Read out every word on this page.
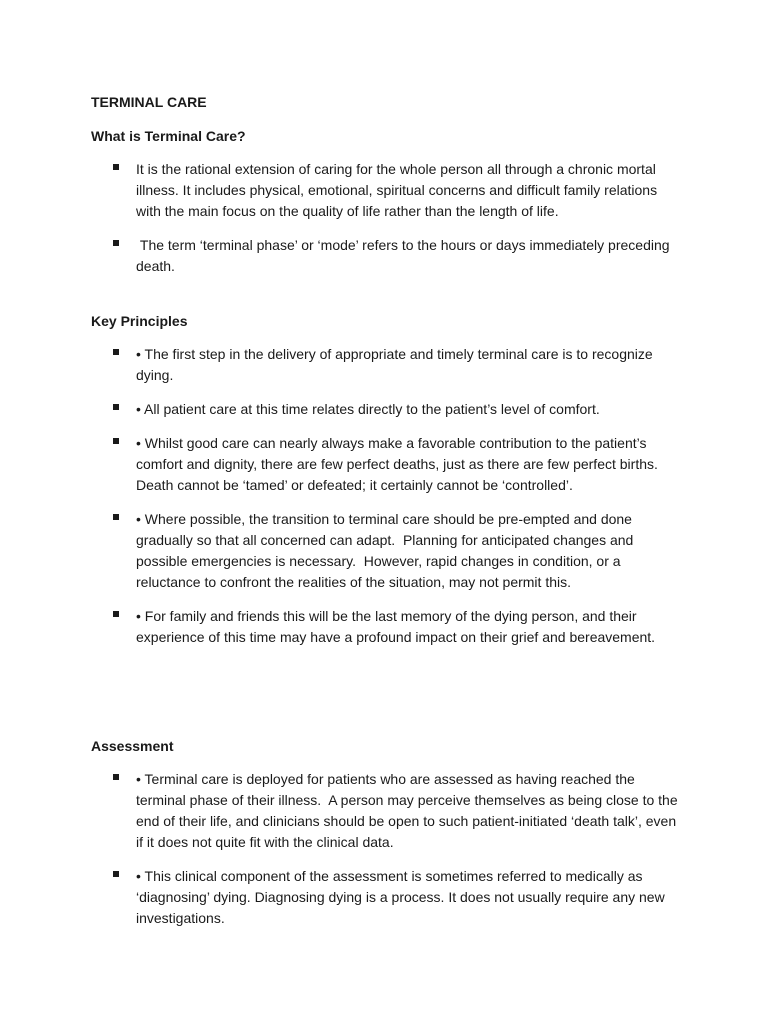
TERMINAL CARE
What is Terminal Care?
It is the rational extension of caring for the whole person all through a chronic mortal illness. It includes physical, emotional, spiritual concerns and difficult family relations with the main focus on the quality of life rather than the length of life.
The term ‘terminal phase’ or ‘mode’ refers to the hours or days immediately preceding death.
Key Principles
• The first step in the delivery of appropriate and timely terminal care is to recognize dying.
• All patient care at this time relates directly to the patient’s level of comfort.
• Whilst good care can nearly always make a favorable contribution to the patient’s comfort and dignity, there are few perfect deaths, just as there are few perfect births.  Death cannot be ‘tamed’ or defeated; it certainly cannot be ‘controlled’.
• Where possible, the transition to terminal care should be pre-empted and done gradually so that all concerned can adapt.  Planning for anticipated changes and possible emergencies is necessary.  However, rapid changes in condition, or a reluctance to confront the realities of the situation, may not permit this.
• For family and friends this will be the last memory of the dying person, and their experience of this time may have a profound impact on their grief and bereavement.
Assessment
• Terminal care is deployed for patients who are assessed as having reached the terminal phase of their illness.  A person may perceive themselves as being close to the end of their life, and clinicians should be open to such patient-initiated ‘death talk’, even if it does not quite fit with the clinical data.
• This clinical component of the assessment is sometimes referred to medically as ‘diagnosing’ dying. Diagnosing dying is a process. It does not usually require any new investigations.
